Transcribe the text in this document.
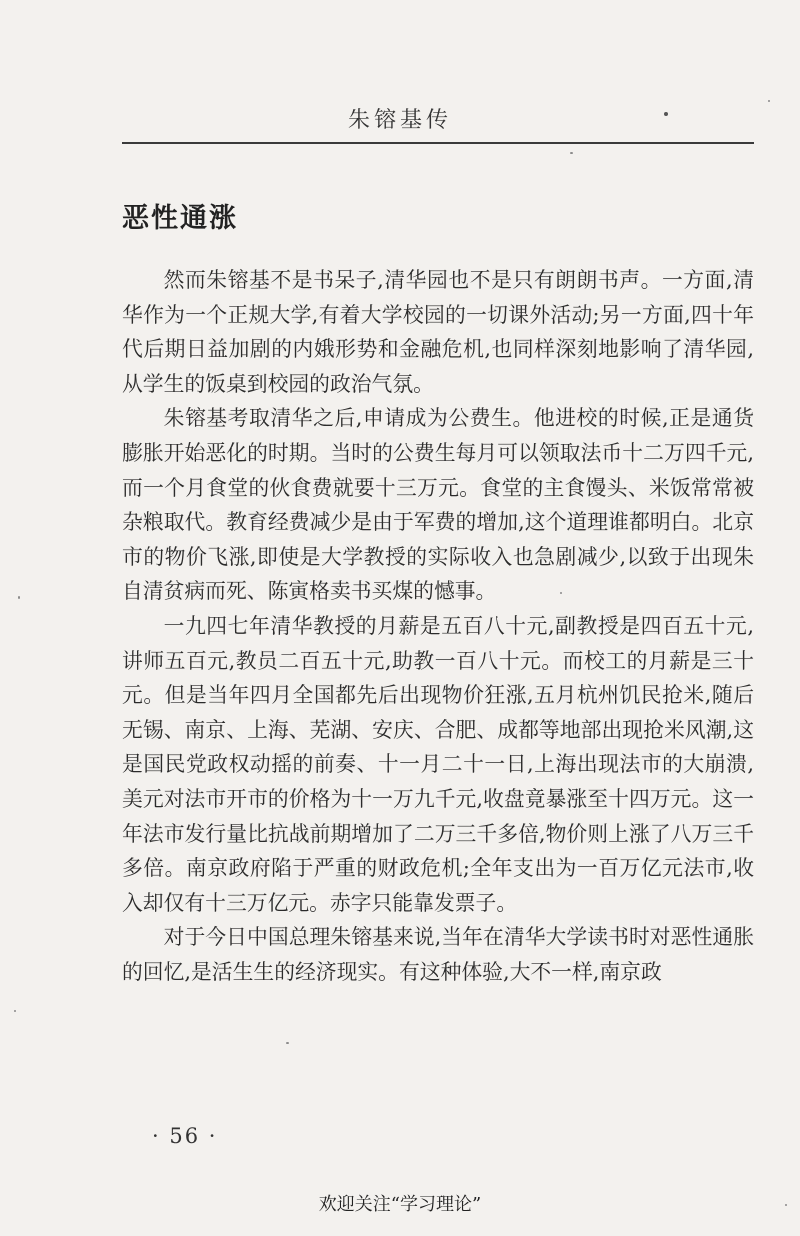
朱镕基传
恶性通涨

然而朱镕基不是书呆子,清华园也不是只有朗朗书声。一方面,清华作为一个正规大学,有着大学校园的一切课外活动;另一方面,四十年代后期日益加剧的内娥形势和金融危机,也同样深刻地影响了清华园,从学生的饭桌到校园的政治气氛。

朱镕基考取清华之后,申请成为公费生。他进校的时候,正是通货膨胀开始恶化的时期。当时的公费生每月可以领取法币十二万四千元,而一个月食堂的伙食费就要十三万元。食堂的主食馒头、米饭常常被杂粮取代。教育经费减少是由于军费的增加,这个道理谁都明白。北京市的物价飞涨,即使是大学教授的实际收入也急剧减少,以致于出现朱自清贫病而死、陈寅格卖书买煤的憾事。

一九四七年清华教授的月薪是五百八十元,副教授是四百五十元,讲师五百元,教员二百五十元,助教一百八十元。而校工的月薪是三十元。但是当年四月全国都先后出现物价狂涨,五月杭州饥民抢米,随后无锡、南京、上海、芜湖、安庆、合肥、成都等地部出现抢米风潮,这是国民党政权动摇的前奏、十一月二十一日,上海出现法市的大崩溃,美元对法市开市的价格为十一万九千元,收盘竟暴涨至十四万元。这一年法市发行量比抗战前期增加了二万三千多倍,物价则上涨了八万三千多倍。南京政府陷于严重的财政危机;全年支出为一百万亿元法市,收入却仅有十三万亿元。赤字只能靠发票子。

对于今日中国总理朱镕基来说,当年在清华大学读书时对恶性通胀的回忆,是活生生的经济现实。有这种体验,大不一样,南京政

· 56 ·
欢迎关注“学习理论”
